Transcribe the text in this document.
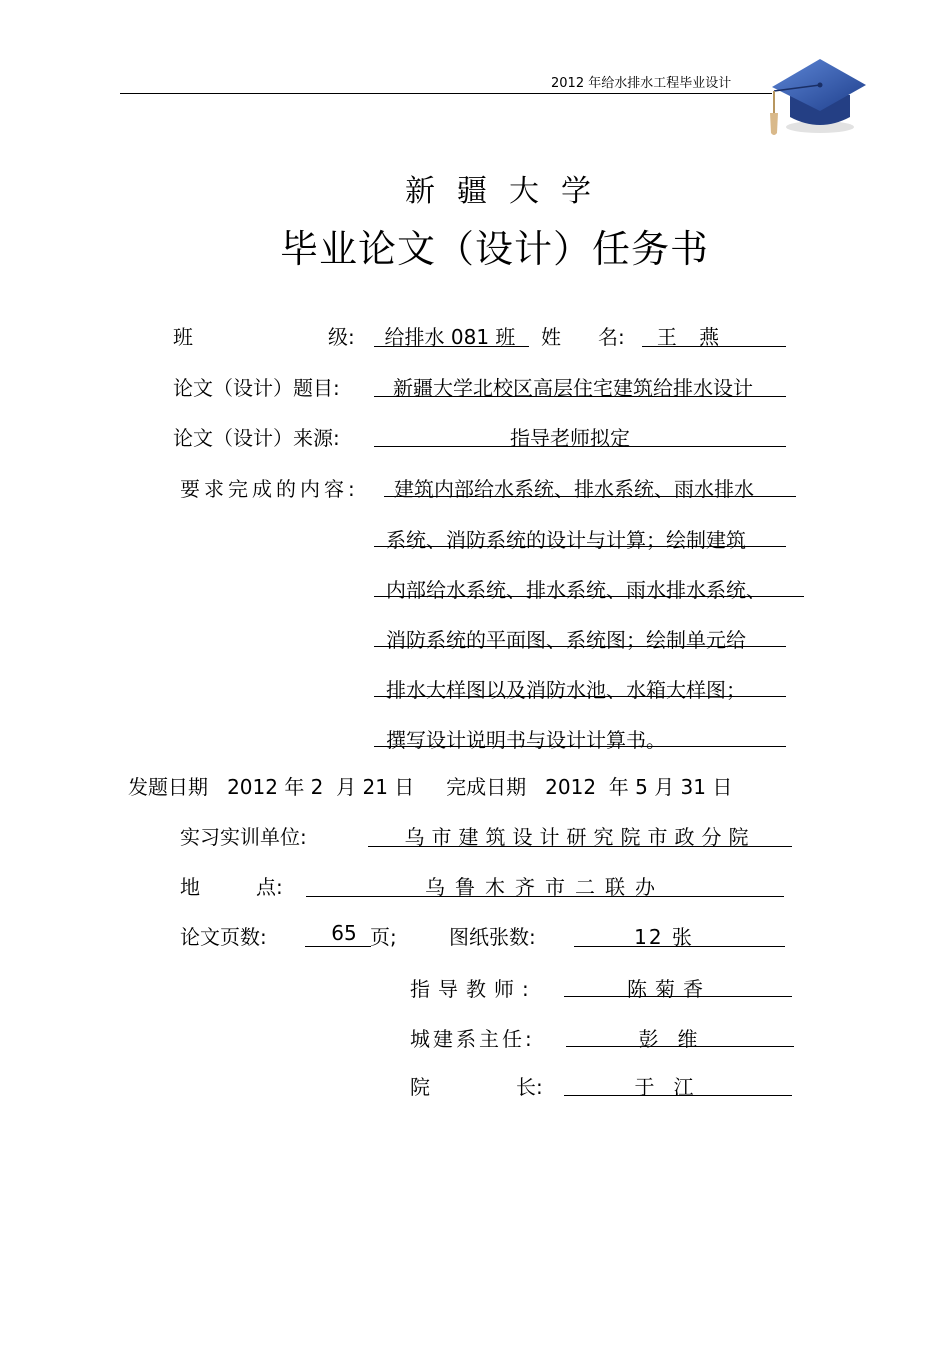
2012 年给水排水工程毕业设计
新疆大学
毕业论文（设计）任务书
班	级:	给排水 081 班	姓 名:	王 燕
论文（设计）题目:	新疆大学北校区高层住宅建筑给排水设计
论文（设计）来源:	指导老师拟定
要求完成的内容: 建筑内部给水系统、排水系统、雨水排水
系统、消防系统的设计与计算；绘制建筑
内部给水系统、排水系统、雨水排水系统、
消防系统的平面图、系统图；绘制单元给
排水大样图以及消防水池、水箱大样图；
撰写设计说明书与设计计算书。
发题日期   2012 年 2  月 21 日     完成日期   2012  年 5 月 31 日
实习实训单位:	乌市建筑设计研究院市政分院
地	点:	乌鲁木齐市二联办
论文页数:	65 页;	图纸张数:	12 张
指导教师:	陈菊香
城建系主任:	彭   维
院	长:	于   江
